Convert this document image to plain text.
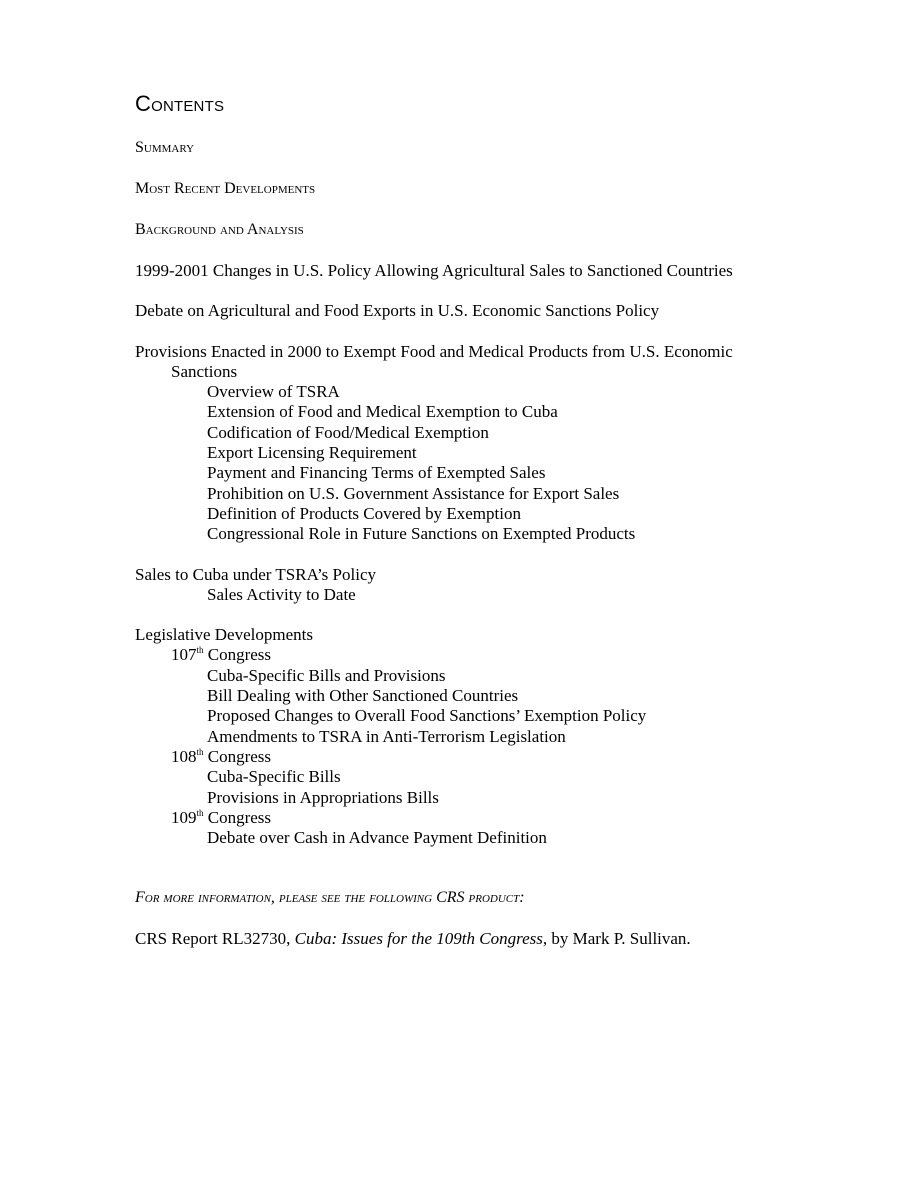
Contents
Summary
Most Recent Developments
Background and Analysis

1999-2001 Changes in U.S. Policy Allowing Agricultural Sales to Sanctioned Countries

Debate on Agricultural and Food Exports in U.S. Economic Sanctions Policy

Provisions Enacted in 2000 to Exempt Food and Medical Products from U.S. Economic
Sanctions
Overview of TSRA
Extension of Food and Medical Exemption to Cuba
Codification of Food/Medical Exemption
Export Licensing Requirement
Payment and Financing Terms of Exempted Sales
Prohibition on U.S. Government Assistance for Export Sales
Definition of Products Covered by Exemption
Congressional Role in Future Sanctions on Exempted Products
Sales to Cuba under TSRA’s Policy
Sales Activity to Date
Legislative Developments
107th Congress
Cuba-Specific Bills and Provisions
Bill Dealing with Other Sanctioned Countries
Proposed Changes to Overall Food Sanctions’ Exemption Policy
Amendments to TSRA in Anti-Terrorism Legislation
108th Congress
Cuba-Specific Bills
Provisions in Appropriations Bills
109th Congress
Debate over Cash in Advance Payment Definition
For more information, please see the following CRS product:

CRS Report RL32730, Cuba: Issues for the 109th Congress, by Mark P. Sullivan.
